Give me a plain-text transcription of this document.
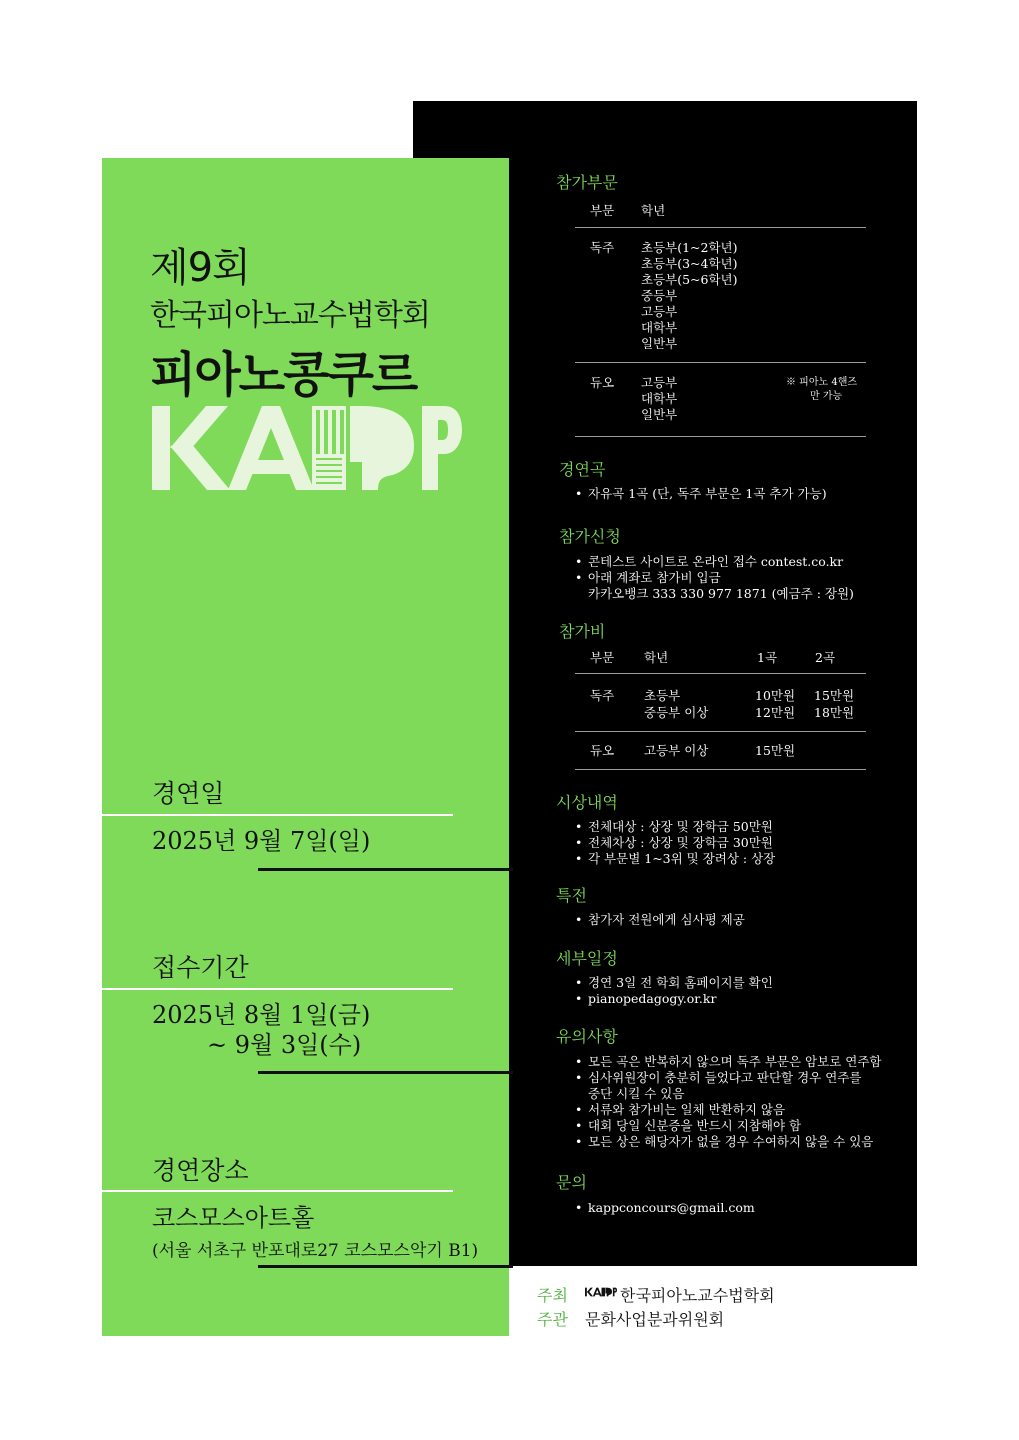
제9회
한국피아노교수법학회
피아노콩쿠르
경연일
2025년 9월 7일(일)
접수기간
2025년 8월 1일(금)
~ 9월 3일(수)
경연장소
코스모스아트홀
(서울 서초구 반포대로27 코스모스악기 B1)
참가부문
부문 학년
독주 초등부(1~2학년)
초등부(3~4학년)
초등부(5~6학년)
중등부
고등부
대학부
일반부
듀오 고등부
대학부
일반부
※ 피아노 4핸즈
만 가능
경연곡
• 자유곡 1곡 (단, 독주 부문은 1곡 추가 가능)
참가신청
• 콘테스트 사이트로 온라인 접수 contest.co.kr
• 아래 계좌로 참가비 입금
카카오뱅크 333 330 977 1871 (예금주 : 장원)
참가비
부문 학년	1곡	2곡
독주 초등부	10만원 15만원
중등부 이상	12만원 18만원
듀오 고등부 이상	15만원
시상내역
• 전체대상 : 상장 및 장학금 50만원
• 전체차상 : 상장 및 장학금 30만원
• 각 부문별 1~3위 및 장려상 : 상장
특전
• 참가자 전원에게 심사평 제공
세부일정
• 경연 3일 전 학회 홈페이지를 확인
• pianopedagogy.or.kr
유의사항
• 모든 곡은 반복하지 않으며 독주 부문은 암보로 연주함
• 심사위원장이 충분히 들었다고 판단할 경우 연주를
중단 시킬 수 있음
• 서류와 참가비는 일체 반환하지 않음
• 대회 당일 신분증을 반드시 지참해야 함
• 모든 상은 해당자가 없을 경우 수여하지 않을 수 있음
문의
• kappconcours@gmail.com
주최	한국피아노교수법학회
주관 문화사업분과위원회
